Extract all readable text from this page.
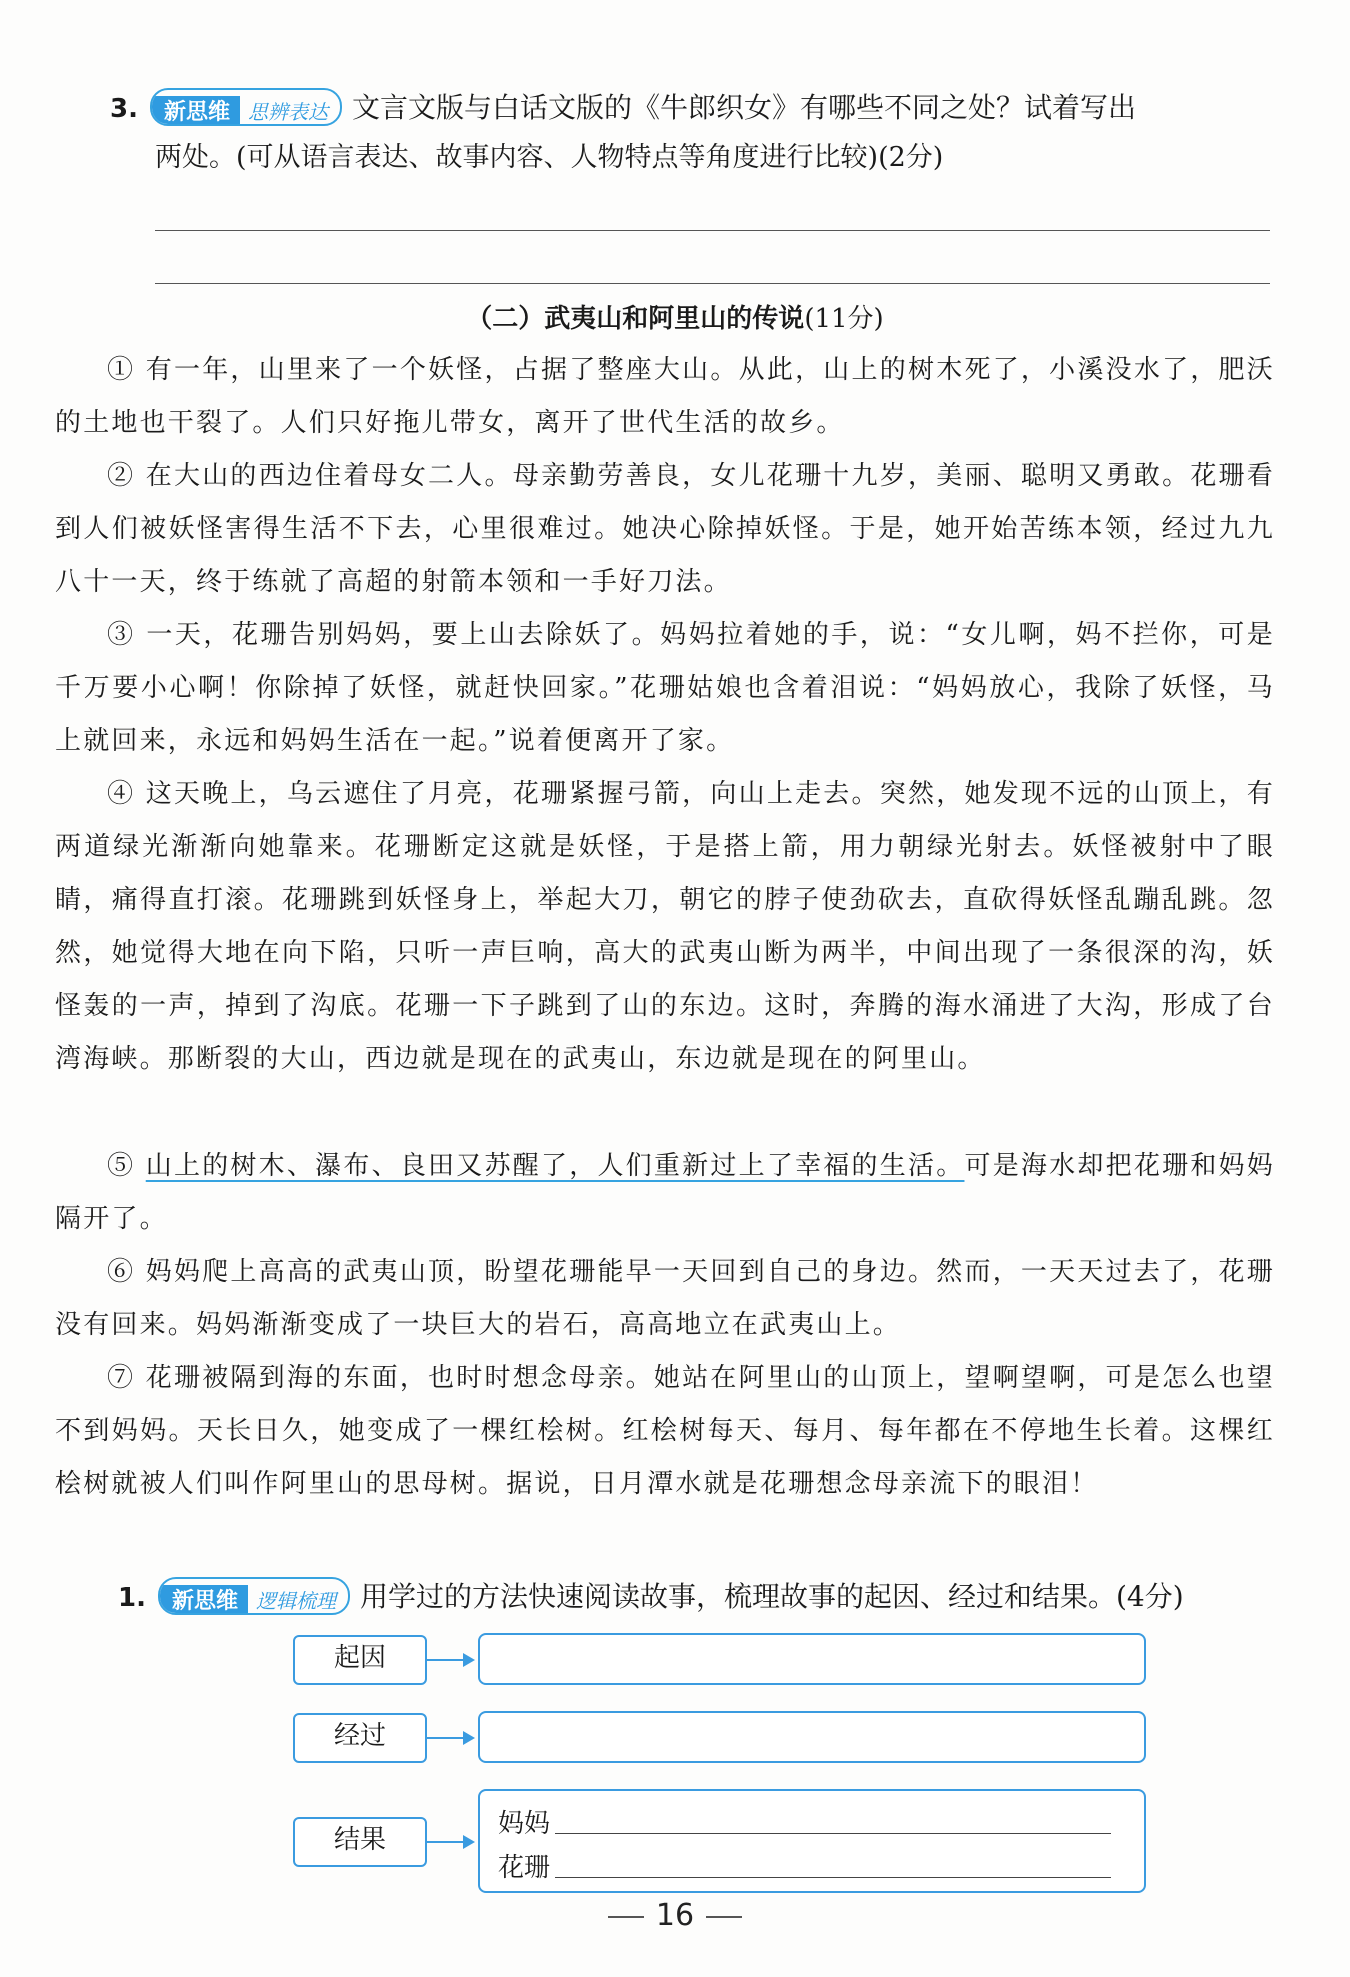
3. 新思维 思辨表达 文言文版与白话文版的《牛郎织女》有哪些不同之处？试着写出
两处。(可从语言表达、故事内容、人物特点等角度进行比较)(2分)
（二）武夷山和阿里山的传说(11分)
① 有一年，山里来了一个妖怪，占据了整座大山。从此，山上的树木死了，小溪没水了，肥沃的土地也干裂了。人们只好拖儿带女，离开了世代生活的故乡。
② 在大山的西边住着母女二人。母亲勤劳善良，女儿花珊十九岁，美丽、聪明又勇敢。花珊看到人们被妖怪害得生活不下去，心里很难过。她决心除掉妖怪。于是，她开始苦练本领，经过九九八十一天，终于练就了高超的射箭本领和一手好刀法。
③ 一天，花珊告别妈妈，要上山去除妖了。妈妈拉着她的手，说：“女儿啊，妈不拦你，可是千万要小心啊！你除掉了妖怪，就赶快回家。”花珊姑娘也含着泪说：“妈妈放心，我除了妖怪，马上就回来，永远和妈妈生活在一起。”说着便离开了家。
④ 这天晚上，乌云遮住了月亮，花珊紧握弓箭，向山上走去。突然，她发现不远的山顶上，有两道绿光渐渐向她靠来。花珊断定这就是妖怪，于是搭上箭，用力朝绿光射去。妖怪被射中了眼睛，痛得直打滚。花珊跳到妖怪身上，举起大刀，朝它的脖子使劲砍去，直砍得妖怪乱蹦乱跳。忽然，她觉得大地在向下陷，只听一声巨响，高大的武夷山断为两半，中间出现了一条很深的沟，妖怪轰的一声，掉到了沟底。花珊一下子跳到了山的东边。这时，奔腾的海水涌进了大沟，形成了台湾海峡。那断裂的大山，西边就是现在的武夷山，东边就是现在的阿里山。
⑤ 山上的树木、瀑布、良田又苏醒了，人们重新过上了幸福的生活。可是海水却把花珊和妈妈隔开了。
⑥ 妈妈爬上高高的武夷山顶，盼望花珊能早一天回到自己的身边。然而，一天天过去了，花珊没有回来。妈妈渐渐变成了一块巨大的岩石，高高地立在武夷山上。
⑦ 花珊被隔到海的东面，也时时想念母亲。她站在阿里山的山顶上，望啊望啊，可是怎么也望不到妈妈。天长日久，她变成了一棵红桧树。红桧树每天、每月、每年都在不停地生长着。这棵红桧树就被人们叫作阿里山的思母树。据说，日月潭水就是花珊想念母亲流下的眼泪！
1. 新思维 逻辑梳理 用学过的方法快速阅读故事，梳理故事的起因、经过和结果。(4分)
起因
经过
结果
妈妈
花珊
16
